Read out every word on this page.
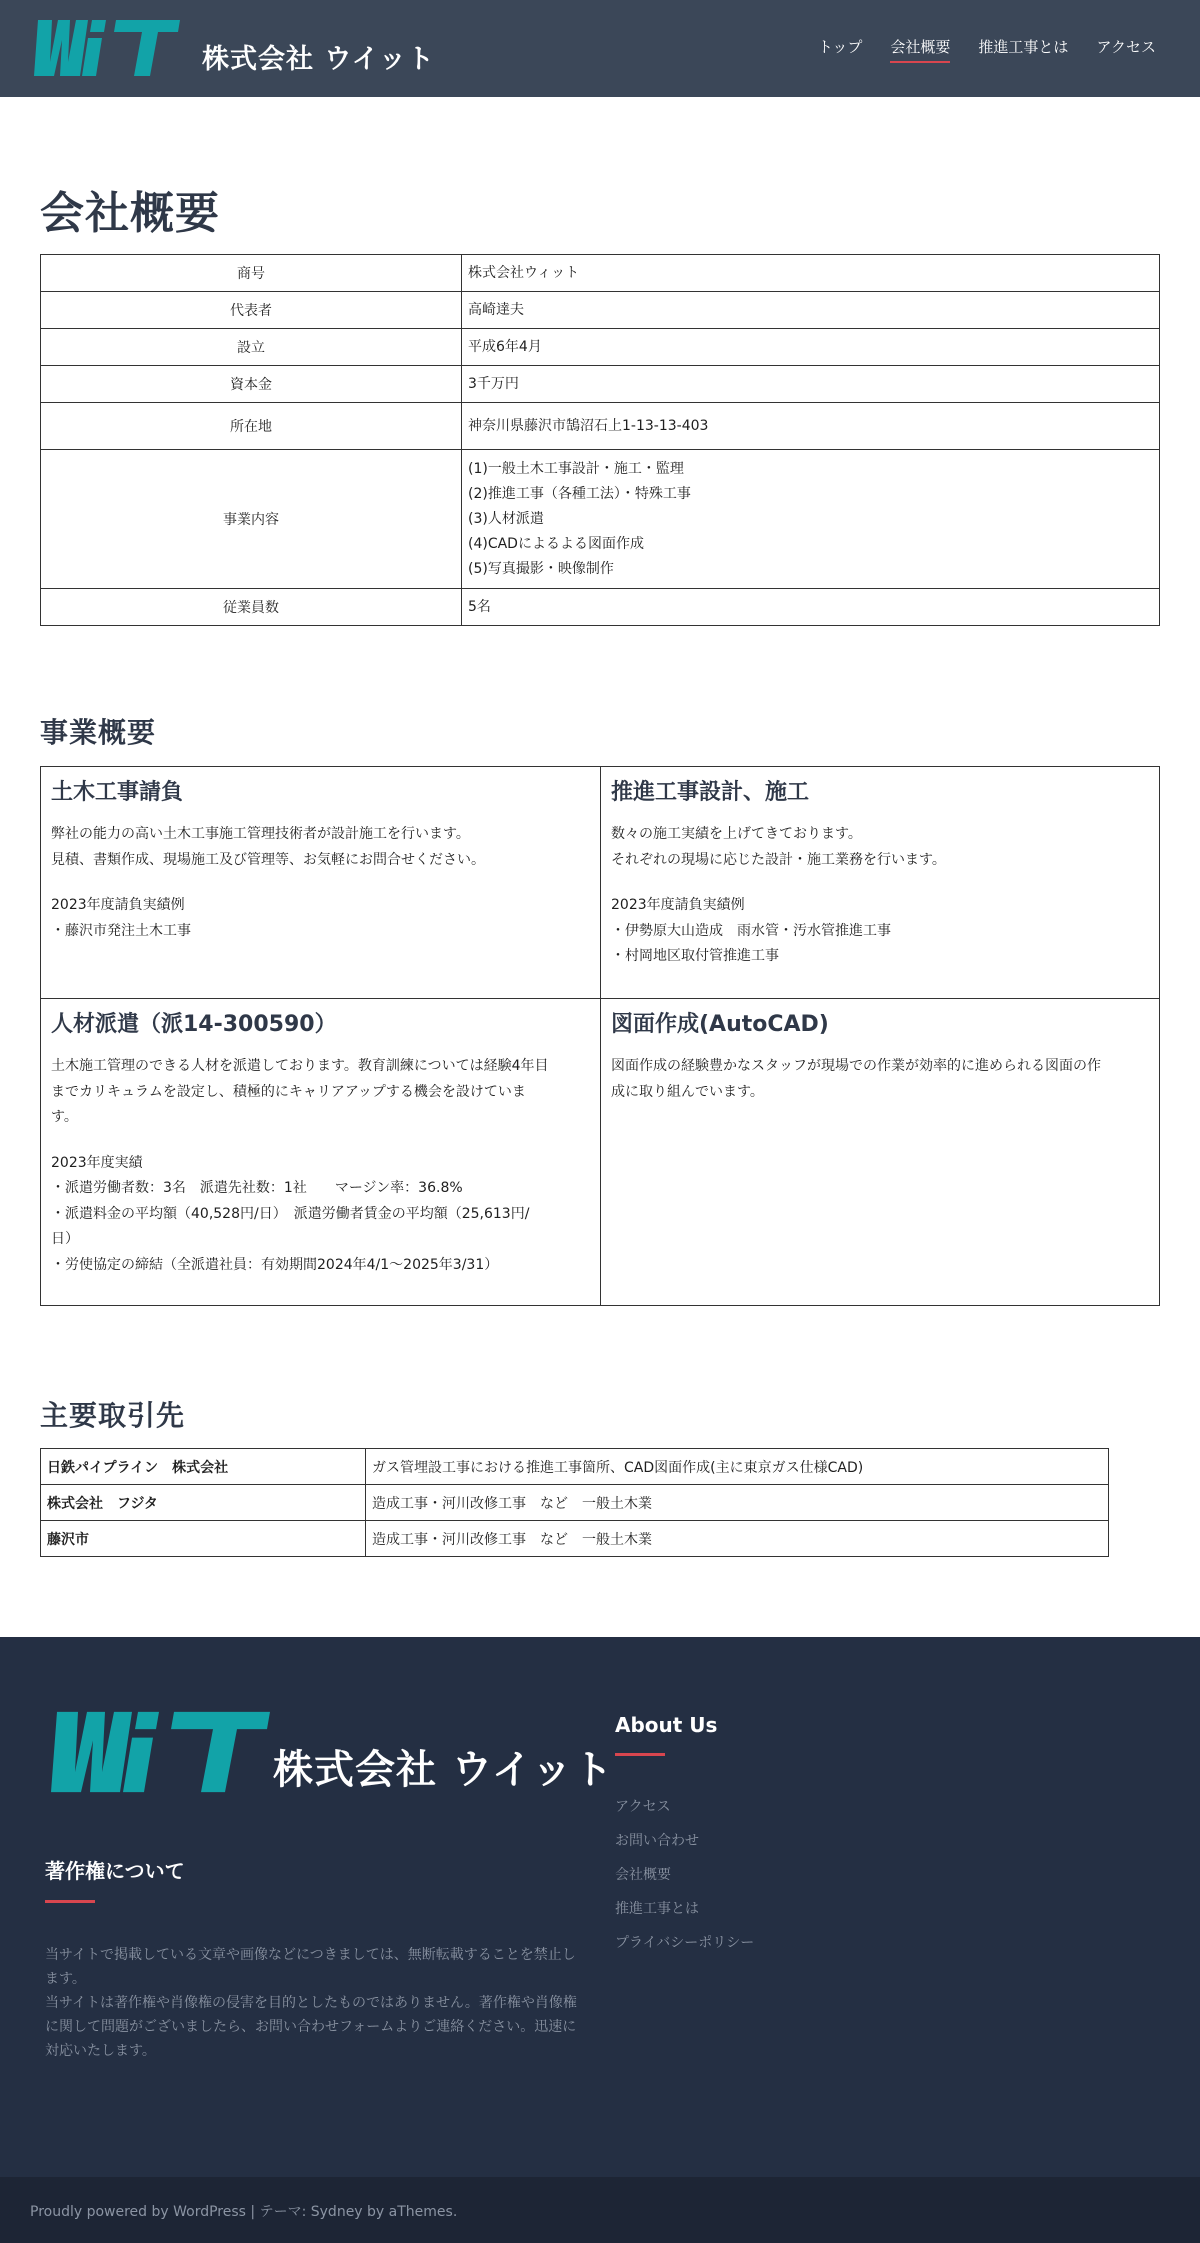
株式会社 ウイット	トップ 会社概要 推進工事とは アクセス
会社概要
商号	株式会社ウィット

代表者	高崎達夫

設立	平成6年4月

資本金	3千万円

所在地	神奈川県藤沢市鵠沼石上1-13-13-403

事業内容	(1)一般土木工事設計・施工・監理
(2)推進工事（各種工法）・特殊工事
(3)人材派遣
(4)CADによるよる図面作成
(5)写真撮影・映像制作

従業員数	5名
事業概要
土木工事請負

弊社の能力の高い土木工事施工管理技術者が設計施工を行います。

見積、書類作成、現場施工及び管理等、お気軽にお問合せください。

2023年度請負実績例

・藤沢市発注土木工事

推進工事設計、施工

数々の施工実績を上げてきております。

それぞれの現場に応じた設計・施工業務を行います。

2023年度請負実績例

・伊勢原大山造成　雨水管・汚水管推進工事

・村岡地区取付管推進工事

人材派遣（派14-300590）

土木施工管理のできる人材を派遣しております。教育訓練については経験4年目

までカリキュラムを設定し、積極的にキャリアアップする機会を設けていま

す。

2023年度実績

・派遣労働者数：3名　派遣先社数：1社　　マージン率：36.8%

・派遣料金の平均額（40,528円/日）　派遣労働者賃金の平均額（25,613円/

日）

・労使協定の締結（全派遣社員：有効期間2024年4/1～2025年3/31）

図面作成(AutoCAD)

図面作成の経験豊かなスタッフが現場での作業が効率的に進められる図面の作

成に取り組んでいます。

主要取引先
日鉄パイプライン　株式会社	ガス管埋設工事における推進工事箇所、CAD図面作成(主に東京ガス仕様CAD)
株式会社　フジタ	造成工事・河川改修工事　など　一般土木業
藤沢市	造成工事・河川改修工事　など　一般土木業
株式会社 ウイット
著作権について
当サイトで掲載している文章や画像などにつきましては、無断転載することを禁止し
ます。
当サイトは著作権や肖像権の侵害を目的としたものではありません。著作権や肖像権
に関して問題がございましたら、お問い合わせフォームよりご連絡ください。迅速に
対応いたします。
About Us
アクセス
お問い合わせ
会社概要
推進工事とは
プライバシーポリシー
Proudly powered by WordPress | テーマ: Sydney by aThemes.
